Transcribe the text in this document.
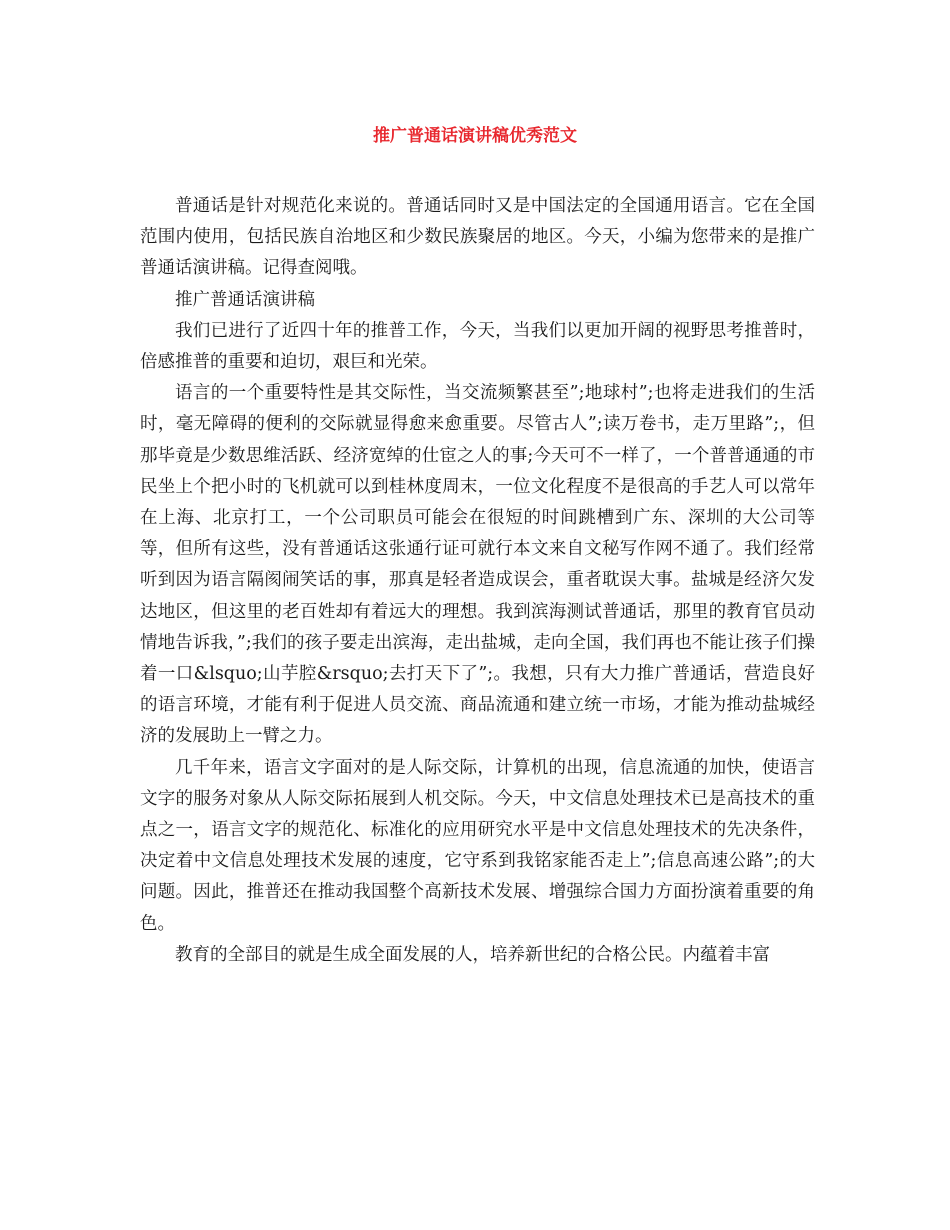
推广普通话演讲稿优秀范文

普通话是针对规范化来说的。普通话同时又是中国法定的全国通用语言。它在全国范围内使用，包括民族自治地区和少数民族聚居的地区。今天，小编为您带来的是推广普通话演讲稿。记得查阅哦。

推广普通话演讲稿

我们已进行了近四十年的推普工作，今天，当我们以更加开阔的视野思考推普时，倍感推普的重要和迫切，艰巨和光荣。

语言的一个重要特性是其交际性，当交流频繁甚至”;地球村”;也将走进我们的生活时，毫无障碍的便利的交际就显得愈来愈重要。尽管古人”;读万卷书，走万里路”;，但那毕竟是少数思维活跃、经济宽绰的仕宦之人的事;今天可不一样了，一个普普通通的市民坐上个把小时的飞机就可以到桂林度周末，一位文化程度不是很高的手艺人可以常年在上海、北京打工，一个公司职员可能会在很短的时间跳槽到广东、深圳的大公司等等，但所有这些，没有普通话这张通行证可就行本文来自文秘写作网不通了。我们经常听到因为语言隔阂闹笑话的事，那真是轻者造成误会，重者耽误大事。盐城是经济欠发达地区，但这里的老百姓却有着远大的理想。我到滨海测试普通话，那里的教育官员动情地告诉我，”;我们的孩子要走出滨海，走出盐城，走向全国，我们再也不能让孩子们操着一口&lsquo;山芋腔&rsquo;去打天下了”;。我想，只有大力推广普通话，营造良好的语言环境，才能有利于促进人员交流、商品流通和建立统一市场，才能为推动盐城经济的发展助上一臂之力。

几千年来，语言文字面对的是人际交际，计算机的出现，信息流通的加快，使语言文字的服务对象从人际交际拓展到人机交际。今天，中文信息处理技术已是高技术的重点之一，语言文字的规范化、标准化的应用研究水平是中文信息处理技术的先决条件，决定着中文信息处理技术发展的速度，它守系到我铭家能否走上”;信息高速公路”;的大问题。因此，推普还在推动我国整个高新技术发展、增强综合国力方面扮演着重要的角色。

教育的全部目的就是生成全面发展的人，培养新世纪的合格公民。内蕴着丰富
